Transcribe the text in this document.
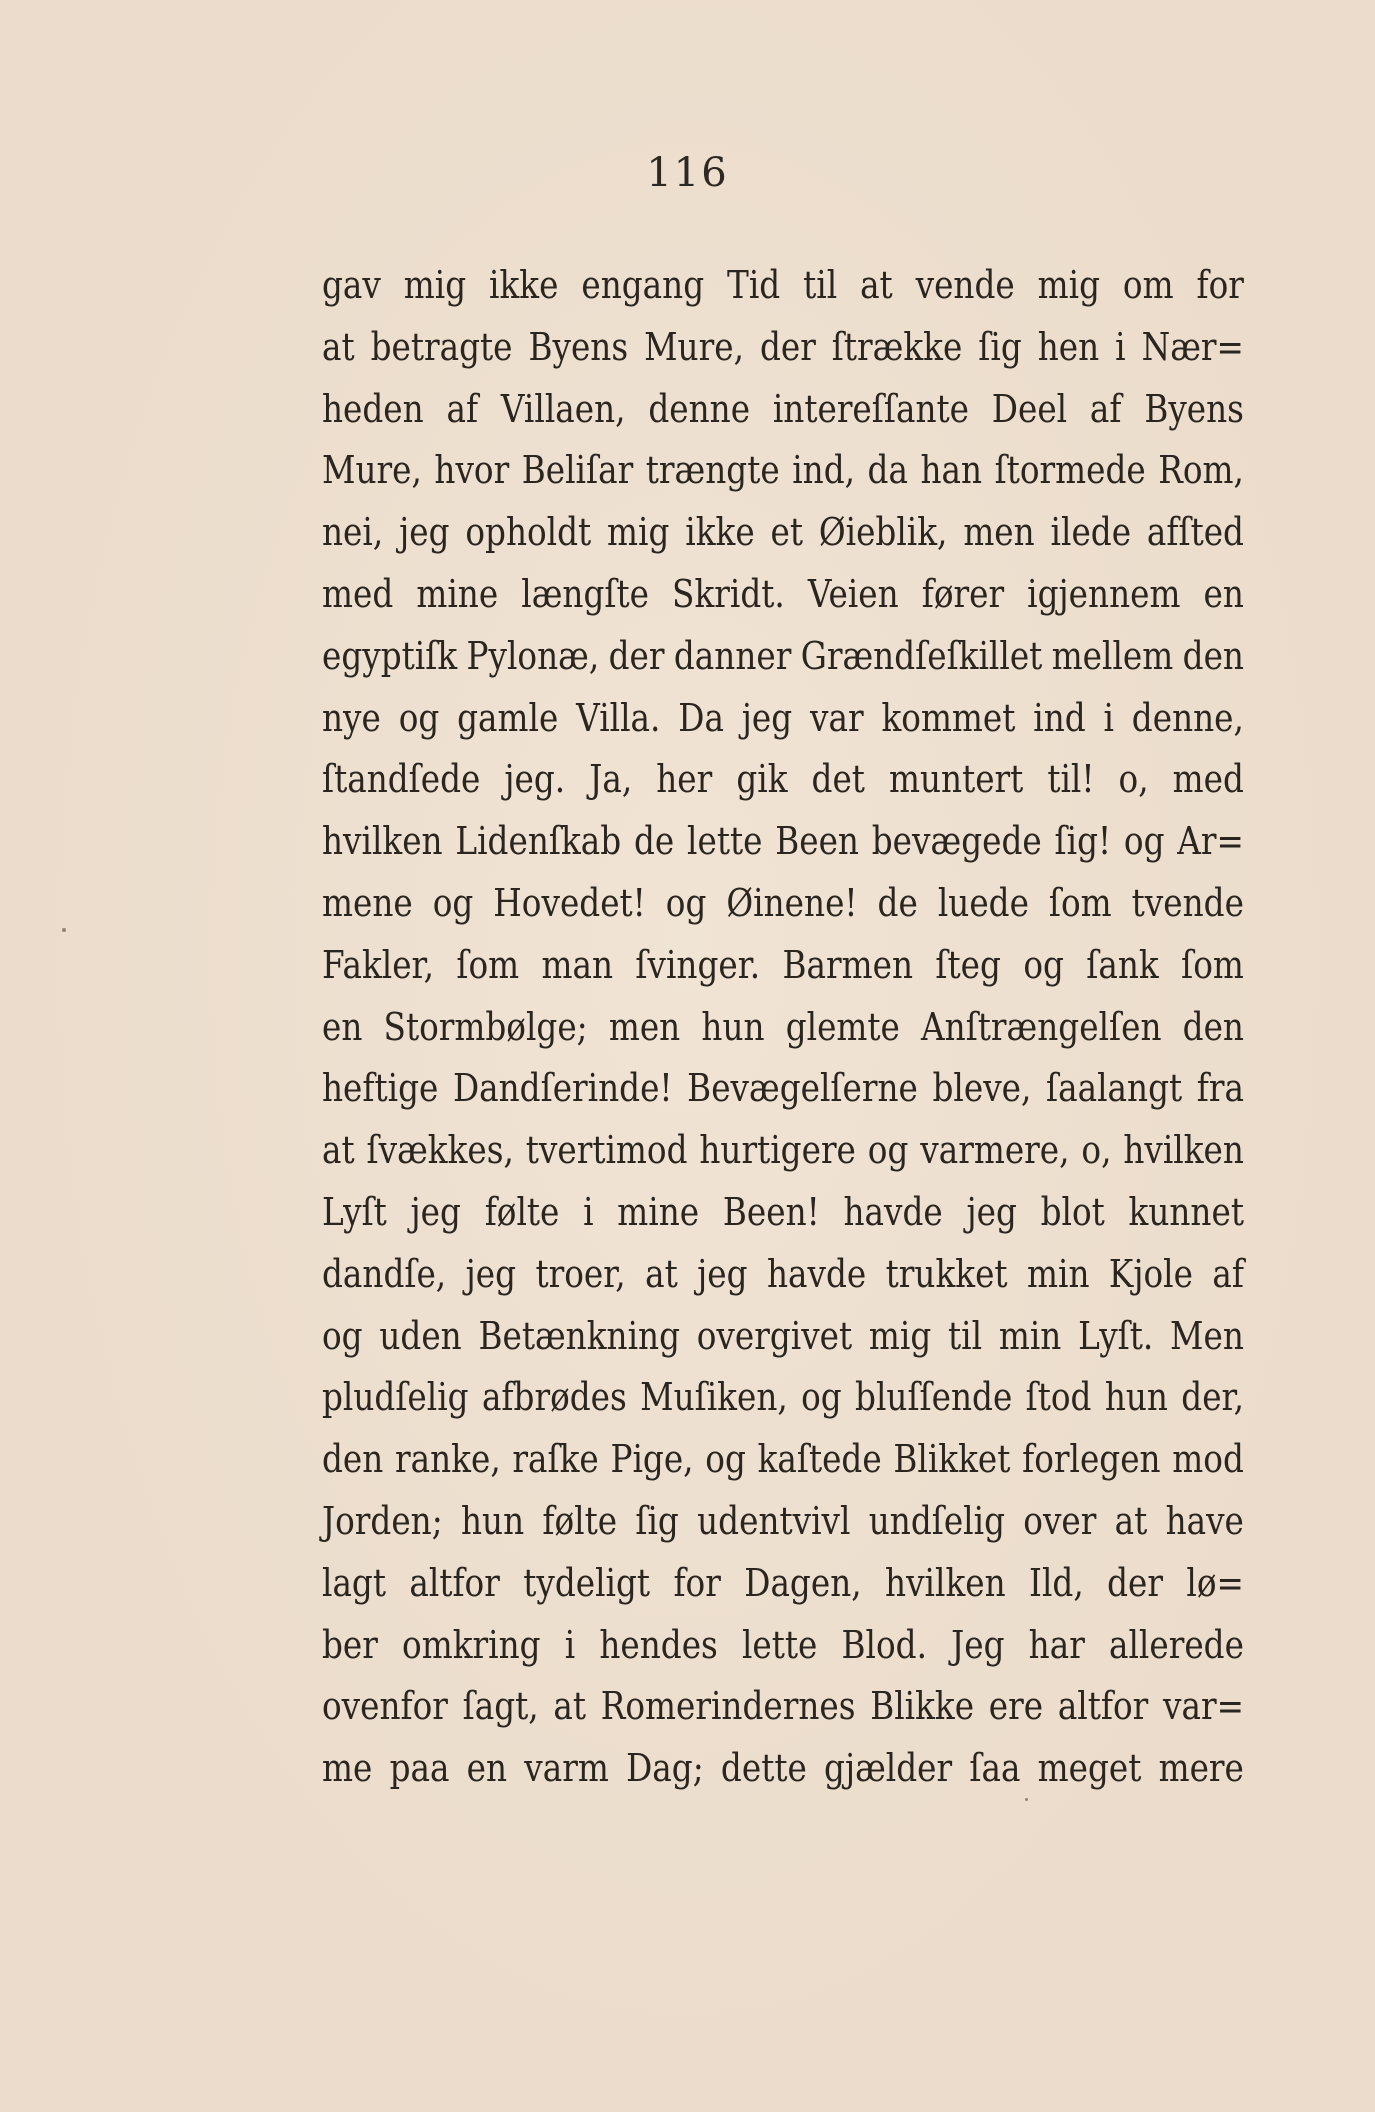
116
gav mig ikke engang Tid til at vende mig om for
at betragte Byens Mure, der ſtrække ſig hen i Nær=
heden af Villaen, denne intereſſante Deel af Byens
Mure, hvor Beliſar trængte ind, da han ſtormede Rom,
nei, jeg opholdt mig ikke et Øieblik, men ilede afſted
med mine længſte Skridt. Veien fører igjennem en
egyptiſk Pylonæ, der danner Grændſeſkillet mellem den
nye og gamle Villa. Da jeg var kommet ind i denne,
ſtandſede jeg. Ja, her gik det muntert til! o, med
hvilken Lidenſkab de lette Been bevægede ſig! og Ar=
mene og Hovedet! og Øinene! de luede ſom tvende
Fakler, ſom man ſvinger. Barmen ſteg og ſank ſom
en Stormbølge; men hun glemte Anſtrængelſen den
heftige Dandſerinde! Bevægelſerne bleve, ſaalangt fra
at ſvækkes, tvertimod hurtigere og varmere, o, hvilken
Lyſt jeg følte i mine Been! havde jeg blot kunnet
dandſe, jeg troer, at jeg havde trukket min Kjole af
og uden Betænkning overgivet mig til min Lyſt. Men
pludſelig afbrødes Muſiken, og bluſſende ſtod hun der,
den ranke, raſke Pige, og kaſtede Blikket forlegen mod
Jorden; hun følte ſig udentvivl undſelig over at have
lagt altfor tydeligt for Dagen, hvilken Ild, der lø=
ber omkring i hendes lette Blod. Jeg har allerede
ovenfor ſagt, at Romerindernes Blikke ere altfor var=
me paa en varm Dag; dette gjælder ſaa meget mere
